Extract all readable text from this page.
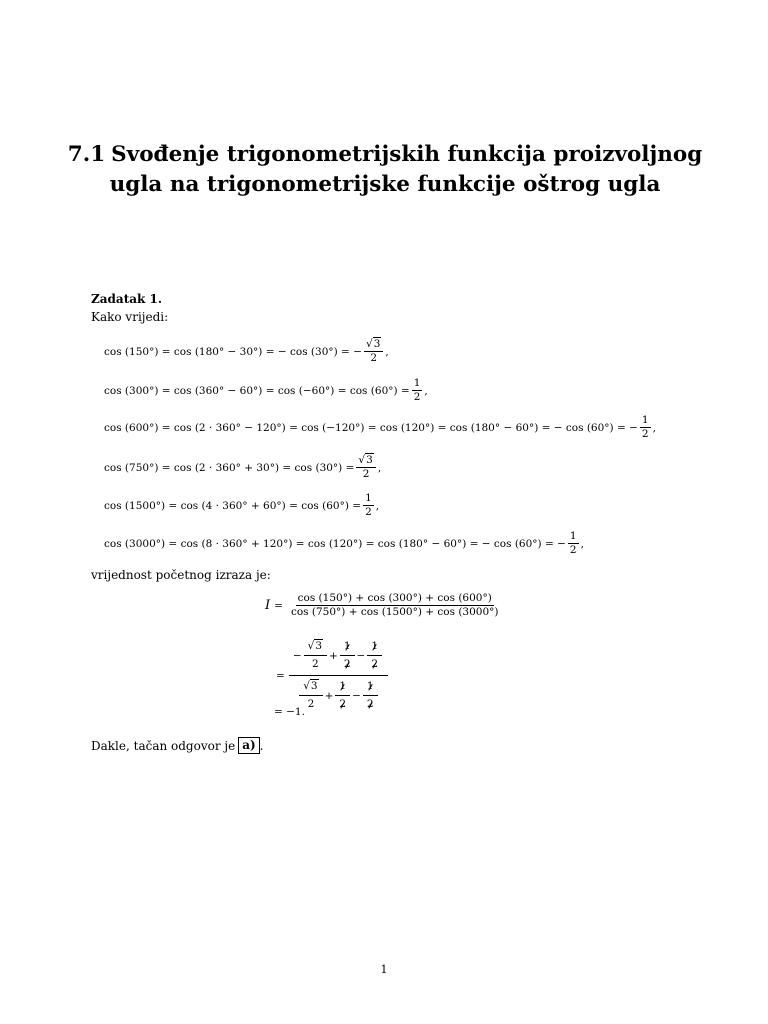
7.1 Svođenje trigonometrijskih funkcija proizvoljnog
ugla na trigonometrijske funkcije oštrog ugla
Zadatak 1.
Kako vrijedi:
cos (150°) = cos (180° − 30°) = − cos (30°) = − $\frac{√3}{2}$ ,
$\cos (300^\circ) = \cos (360^\circ - 60^\circ) = \cos (-60^\circ) = \cos (60^\circ) = \frac{1}{2}$ ,
cos (600°) = cos (2 · 360° − 120°) = cos (−120°) = cos (120°) = cos (180° − 60°) = − cos (60°) = − $\frac{1}{2}$ ,
$\cos (750^\circ) = \cos (2 \cdot 360^\circ + 30^\circ) = \cos (30^\circ) = \frac{√3}{2}$ ,
$\cos (1500^\circ) = \cos (4 \cdot 360^\circ + 60^\circ) = \cos (60^\circ) = \frac{1}{2}$ ,
cos (3000°) = cos (8 · 360° + 120°) = cos (120°) = cos (180° − 60°) = − cos (60°) = − $\frac{1}{2}$ ,
vrijednost početnog izraza je:
$I = \frac{\cos (150^\circ) + \cos (300^\circ) + \cos (600^\circ)}{\cos (750^\circ) + \cos (1500^\circ) + \cos (3000^\circ)}$
= $\frac{- \frac{√ 3}{2} + \frac{1}{2} - \frac{1}{2}}{\frac{√ 3}{2} + \frac{1}{2} - \frac{1}{2}}$
= −1.
Dakle, tačan odgovor je a) .
1
